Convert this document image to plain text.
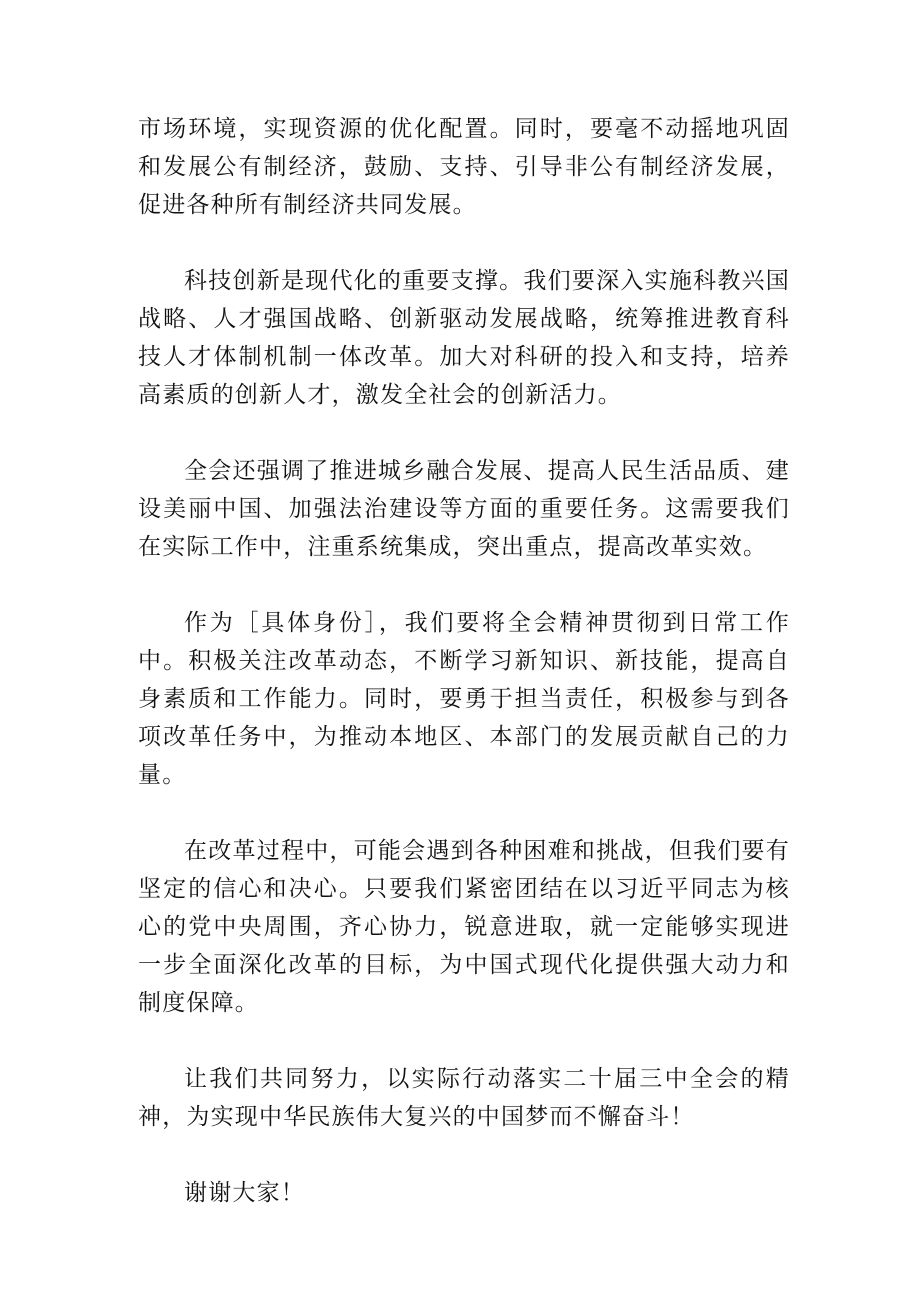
市场环境，实现资源的优化配置。同时，要毫不动摇地巩固和发展公有制经济，鼓励、支持、引导非公有制经济发展，促进各种所有制经济共同发展。

科技创新是现代化的重要支撑。我们要深入实施科教兴国战略、人才强国战略、创新驱动发展战略，统筹推进教育科技人才体制机制一体改革。加大对科研的投入和支持，培养高素质的创新人才，激发全社会的创新活力。

全会还强调了推进城乡融合发展、提高人民生活品质、建设美丽中国、加强法治建设等方面的重要任务。这需要我们在实际工作中，注重系统集成，突出重点，提高改革实效。

作为［具体身份］，我们要将全会精神贯彻到日常工作中。积极关注改革动态，不断学习新知识、新技能，提高自身素质和工作能力。同时，要勇于担当责任，积极参与到各项改革任务中，为推动本地区、本部门的发展贡献自己的力量。

在改革过程中，可能会遇到各种困难和挑战，但我们要有坚定的信心和决心。只要我们紧密团结在以习近平同志为核心的党中央周围，齐心协力，锐意进取，就一定能够实现进一步全面深化改革的目标，为中国式现代化提供强大动力和制度保障。

让我们共同努力，以实际行动落实二十届三中全会的精神，为实现中华民族伟大复兴的中国梦而不懈奋斗！

谢谢大家！
